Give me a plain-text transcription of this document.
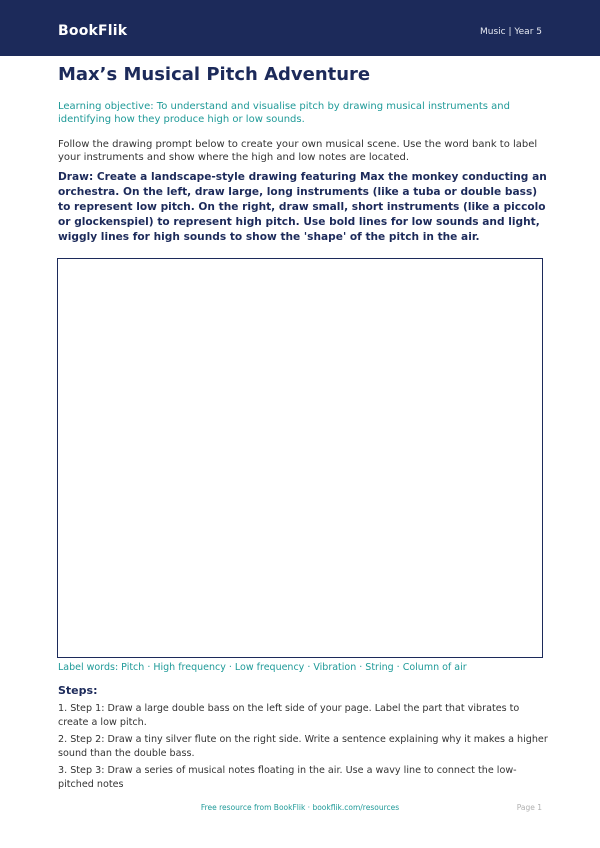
BookFlik	Music | Year 5
Max’s Musical Pitch Adventure

Learning objective: To understand and visualise pitch by drawing musical instruments and identifying how they produce high or low sounds.

Follow the drawing prompt below to create your own musical scene. Use the word bank to label your instruments and show where the high and low notes are located.

Draw: Create a landscape-style drawing featuring Max the monkey conducting an orchestra. On the left, draw large, long instruments (like a tuba or double bass) to represent low pitch. On the right, draw small, short instruments (like a piccolo or glockenspiel) to represent high pitch. Use bold lines for low sounds and light, wiggly lines for high sounds to show the 'shape' of the pitch in the air.

Label words: Pitch · High frequency · Low frequency · Vibration · String · Column of air

Steps:
1. Step 1: Draw a large double bass on the left side of your page. Label the part that vibrates to create a low pitch.
2. Step 2: Draw a tiny silver flute on the right side. Write a sentence explaining why it makes a higher sound than the double bass.
3. Step 3: Draw a series of musical notes floating in the air. Use a wavy line to connect the low-pitched notes
Free resource from BookFlik · bookflik.com/resources	Page 1
